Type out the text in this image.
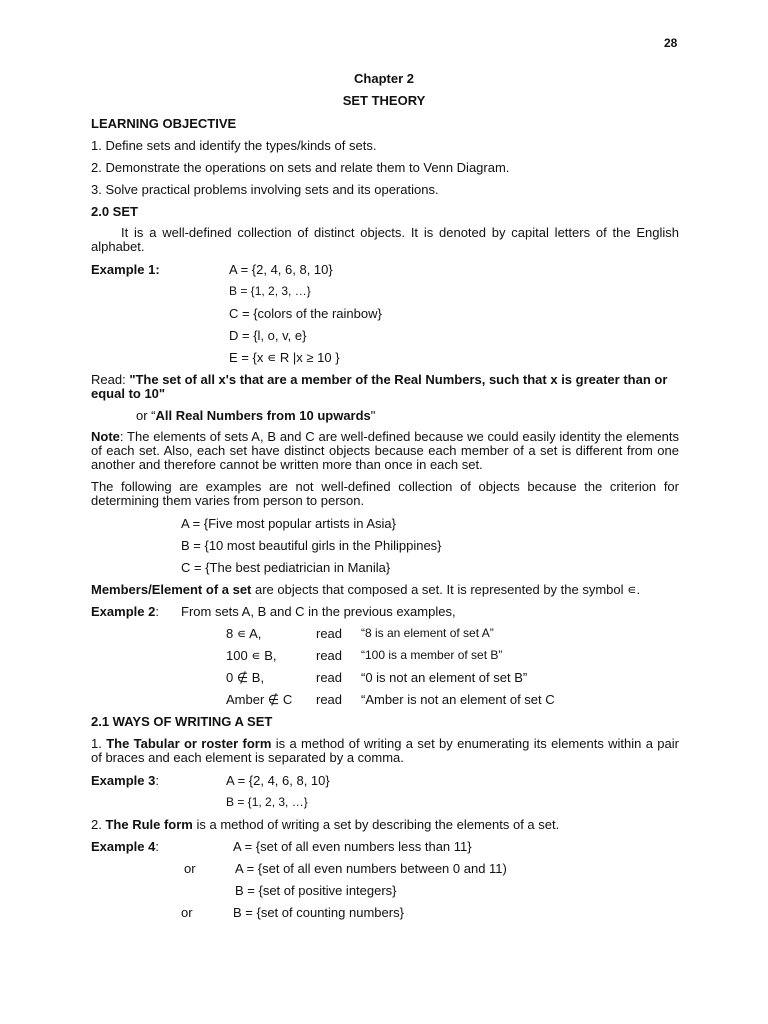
28
Chapter 2
SET THEORY
LEARNING OBJECTIVE
1. Define sets and identify the types/kinds of sets.
2. Demonstrate the operations on sets and relate them to Venn Diagram.
3. Solve practical problems involving sets and its operations.
2.0 SET
It is a well-defined collection of distinct objects. It is denoted by capital letters of the English alphabet.
Example 1:	A = {2, 4, 6, 8, 10}
B = {1, 2, 3, …}
C = {colors of the rainbow}
D = {l, o, v, e}
E = {x ∊ R |x ≥ 10 }
Read: "The set of all x's that are a member of the Real Numbers, such that x is greater than or equal to 10"
or “All Real Numbers from 10 upwards"
Note: The elements of sets A, B and C are well-defined because we could easily identity the elements of each set. Also, each set have distinct objects because each member of a set is different from one another and therefore cannot be written more than once in each set.
The following are examples are not well-defined collection of objects because the criterion for determining them varies from person to person.
A = {Five most popular artists in Asia}
B = {10 most beautiful girls in the Philippines}
C = {The best pediatrician in Manila}
Members/Element of a set are objects that composed a set. It is represented by the symbol ∊.
Example 2: From sets A, B and C in the previous examples,
8 ∊ A,	read “8 is an element of set A”
100 ∊ B,	read “100 is a member of set B”
0 ∉ B,	read “0 is not an element of set B”
Amber ∉ C read “Amber is not an element of set C
2.1 WAYS OF WRITING A SET
1. The Tabular or roster form is a method of writing a set by enumerating its elements within a pair of braces and each element is separated by a comma.
Example 3:	A = {2, 4, 6, 8, 10}
B = {1, 2, 3, …}
2. The Rule form is a method of writing a set by describing the elements of a set.
Example 4:	A = {set of all even numbers less than 11}
or	A = {set of all even numbers between 0 and 11)
B = {set of positive integers}
or	B = {set of counting numbers}
